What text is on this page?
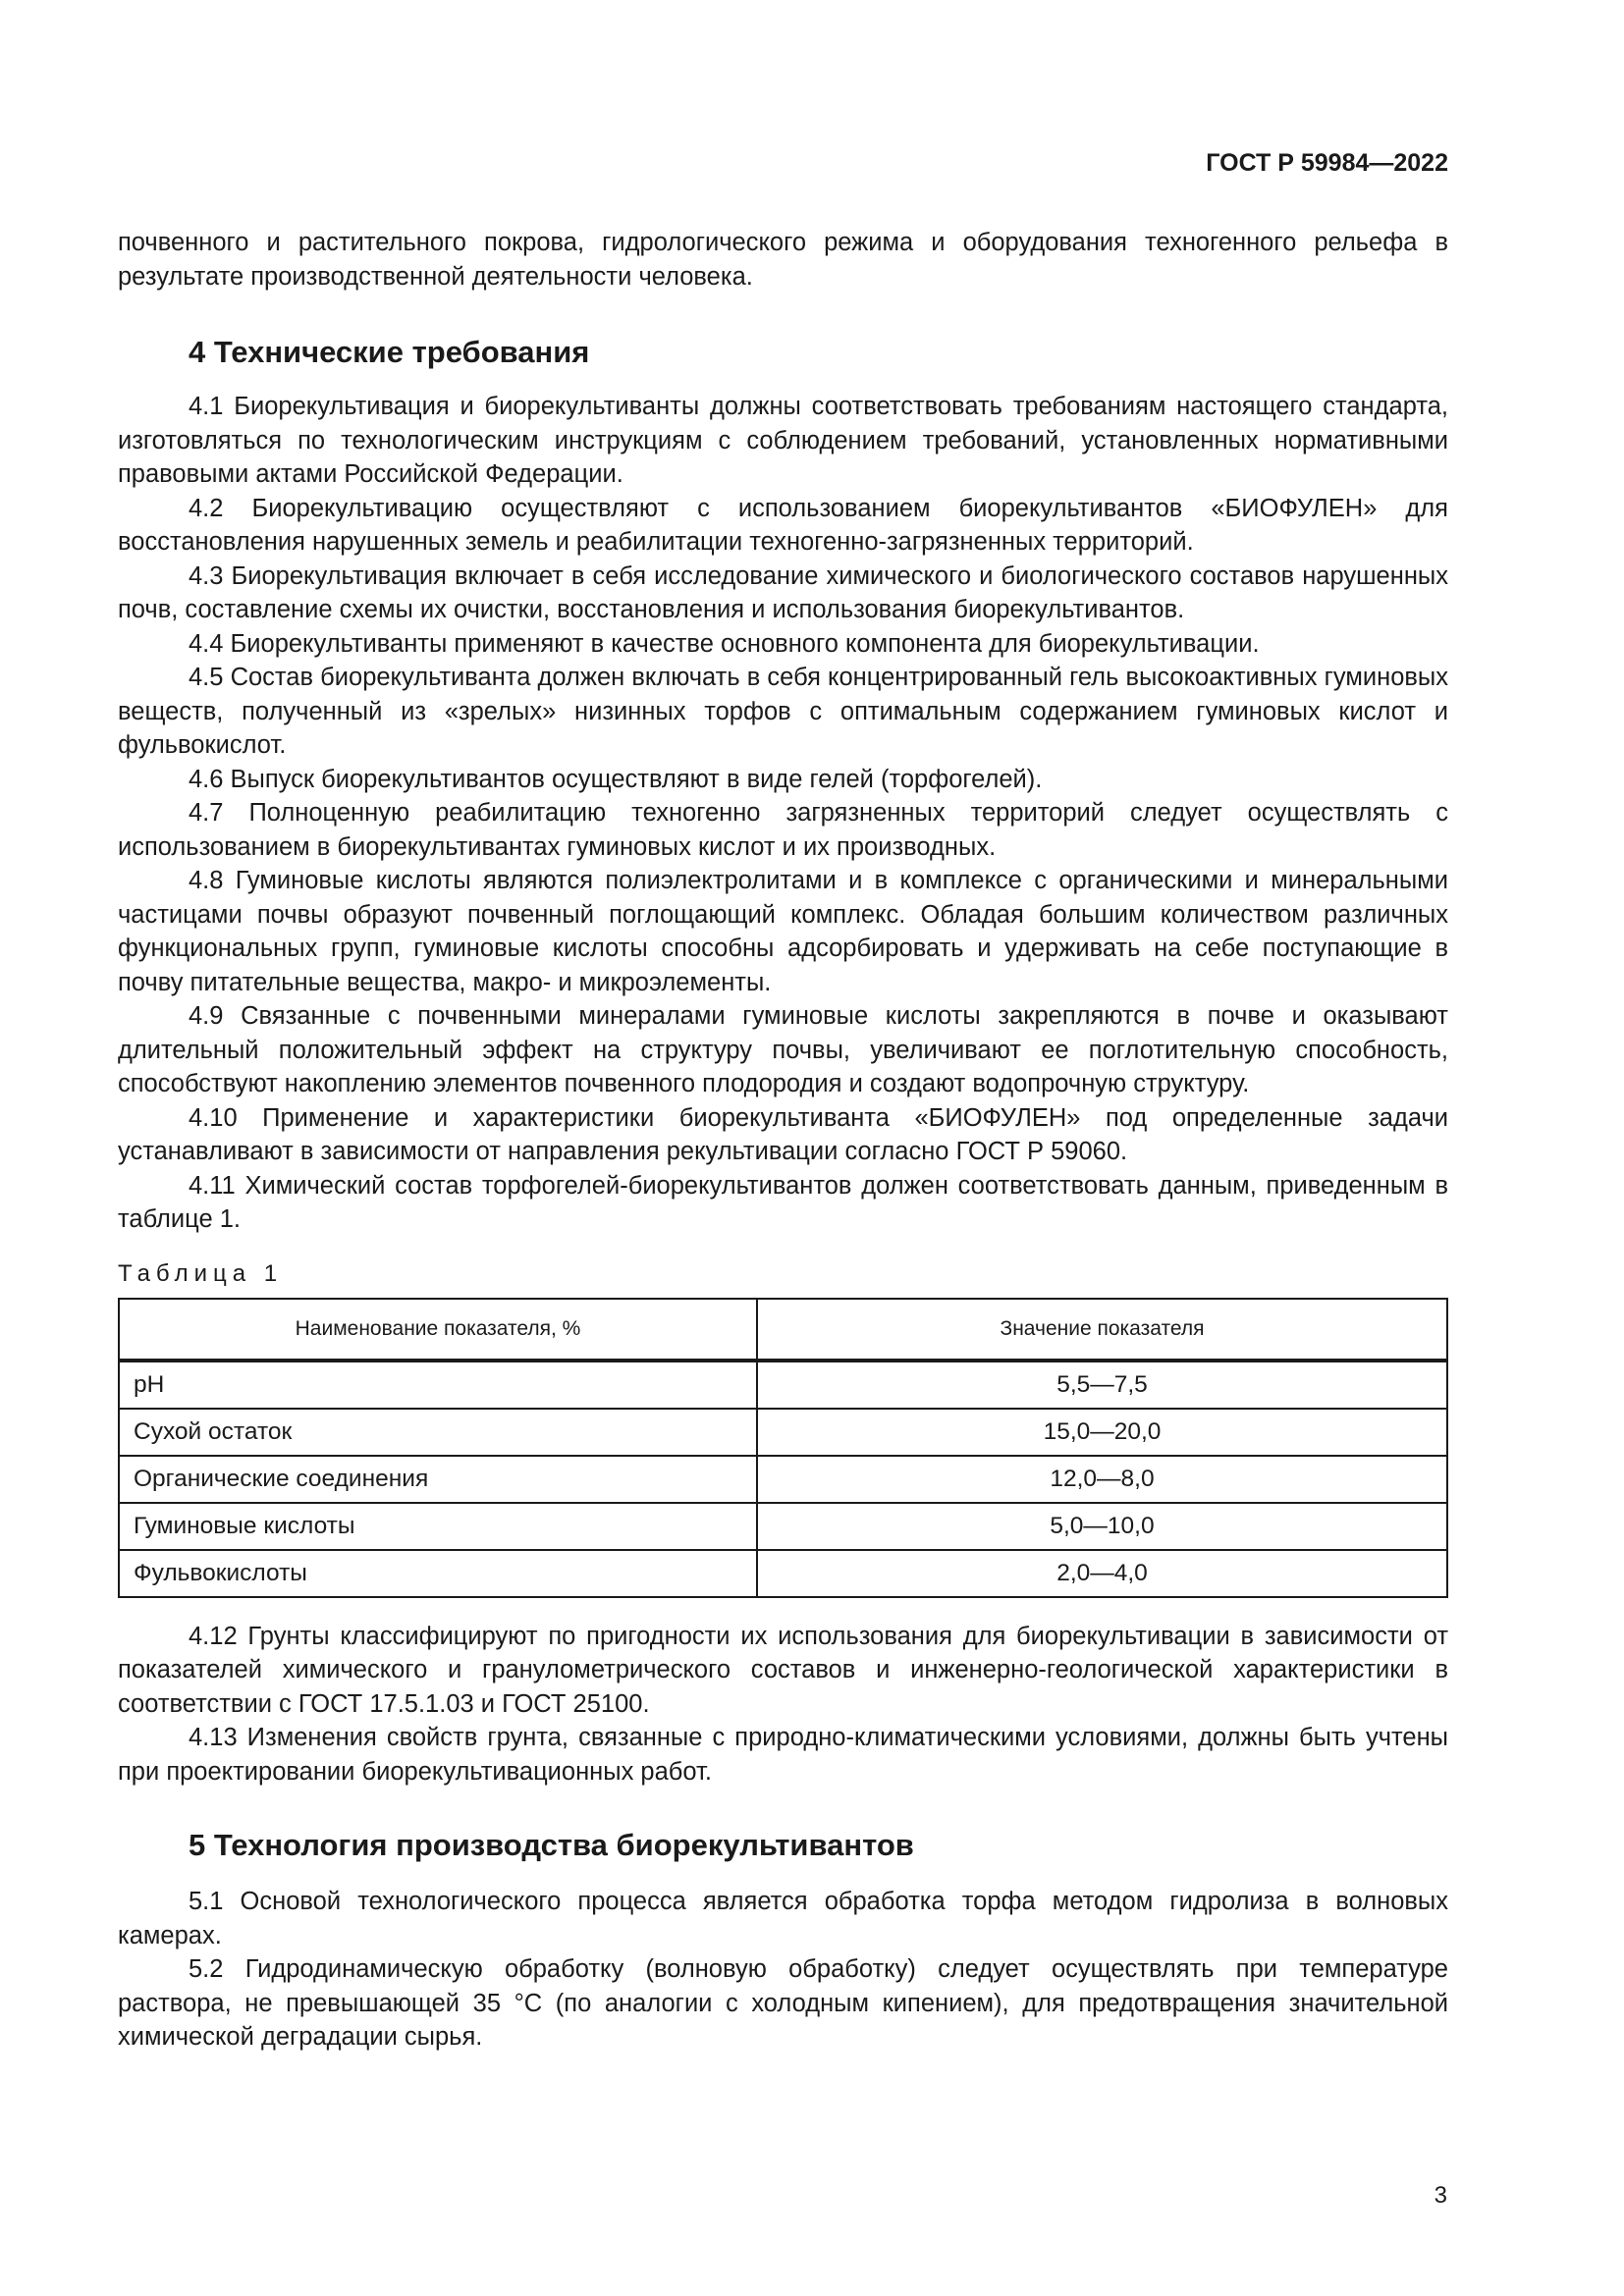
ГОСТ Р 59984—2022

почвенного и растительного покрова, гидрологического режима и оборудования техногенного рельефа в результате производственной деятельности человека.

4 Технические требования

4.1 Биорекультивация и биорекультиванты должны соответствовать требованиям настоящего стандарта, изготовляться по технологическим инструкциям с соблюдением требований, установленных нормативными правовыми актами Российской Федерации.

4.2 Биорекультивацию осуществляют с использованием биорекультивантов «БИОФУЛЕН» для восстановления нарушенных земель и реабилитации техногенно-загрязненных территорий.

4.3 Биорекультивация включает в себя исследование химического и биологического составов нарушенных почв, составление схемы их очистки, восстановления и использования биорекультивантов.

4.4 Биорекультиванты применяют в качестве основного компонента для биорекультивации.

4.5 Состав биорекультиванта должен включать в себя концентрированный гель высокоактивных гуминовых веществ, полученный из «зрелых» низинных торфов с оптимальным содержанием гуминовых кислот и фульвокислот.

4.6 Выпуск биорекультивантов осуществляют в виде гелей (торфогелей).

4.7 Полноценную реабилитацию техногенно загрязненных территорий следует осуществлять с использованием в биорекультивантах гуминовых кислот и их производных.

4.8 Гуминовые кислоты являются полиэлектролитами и в комплексе с органическими и минеральными частицами почвы образуют почвенный поглощающий комплекс. Обладая большим количеством различных функциональных групп, гуминовые кислоты способны адсорбировать и удерживать на себе поступающие в почву питательные вещества, макро- и микроэлементы.

4.9 Связанные с почвенными минералами гуминовые кислоты закрепляются в почве и оказывают длительный положительный эффект на структуру почвы, увеличивают ее поглотительную способность, способствуют накоплению элементов почвенного плодородия и создают водопрочную структуру.

4.10 Применение и характеристики биорекультиванта «БИОФУЛЕН» под определенные задачи устанавливают в зависимости от направления рекультивации согласно ГОСТ Р 59060.

4.11 Химический состав торфогелей-биорекультивантов должен соответствовать данным, приведенным в таблице 1.

Таблица 1
Наименование показателя, %	Значение показателя
pH	5,5—7,5
Сухой остаток	15,0—20,0
Органические соединения	12,0—8,0
Гуминовые кислоты	5,0—10,0
Фульвокислоты	2,0—4,0

4.12 Грунты классифицируют по пригодности их использования для биорекультивации в зависимости от показателей химического и гранулометрического составов и инженерно-геологической характеристики в соответствии с ГОСТ 17.5.1.03 и ГОСТ 25100.

4.13 Изменения свойств грунта, связанные с природно-климатическими условиями, должны быть учтены при проектировании биорекультивационных работ.

5 Технология производства биорекультивантов

5.1 Основой технологического процесса является обработка торфа методом гидролиза в волновых камерах.

5.2 Гидродинамическую обработку (волновую обработку) следует осуществлять при температуре раствора, не превышающей 35 °С (по аналогии с холодным кипением), для предотвращения значительной химической деградации сырья.

3
